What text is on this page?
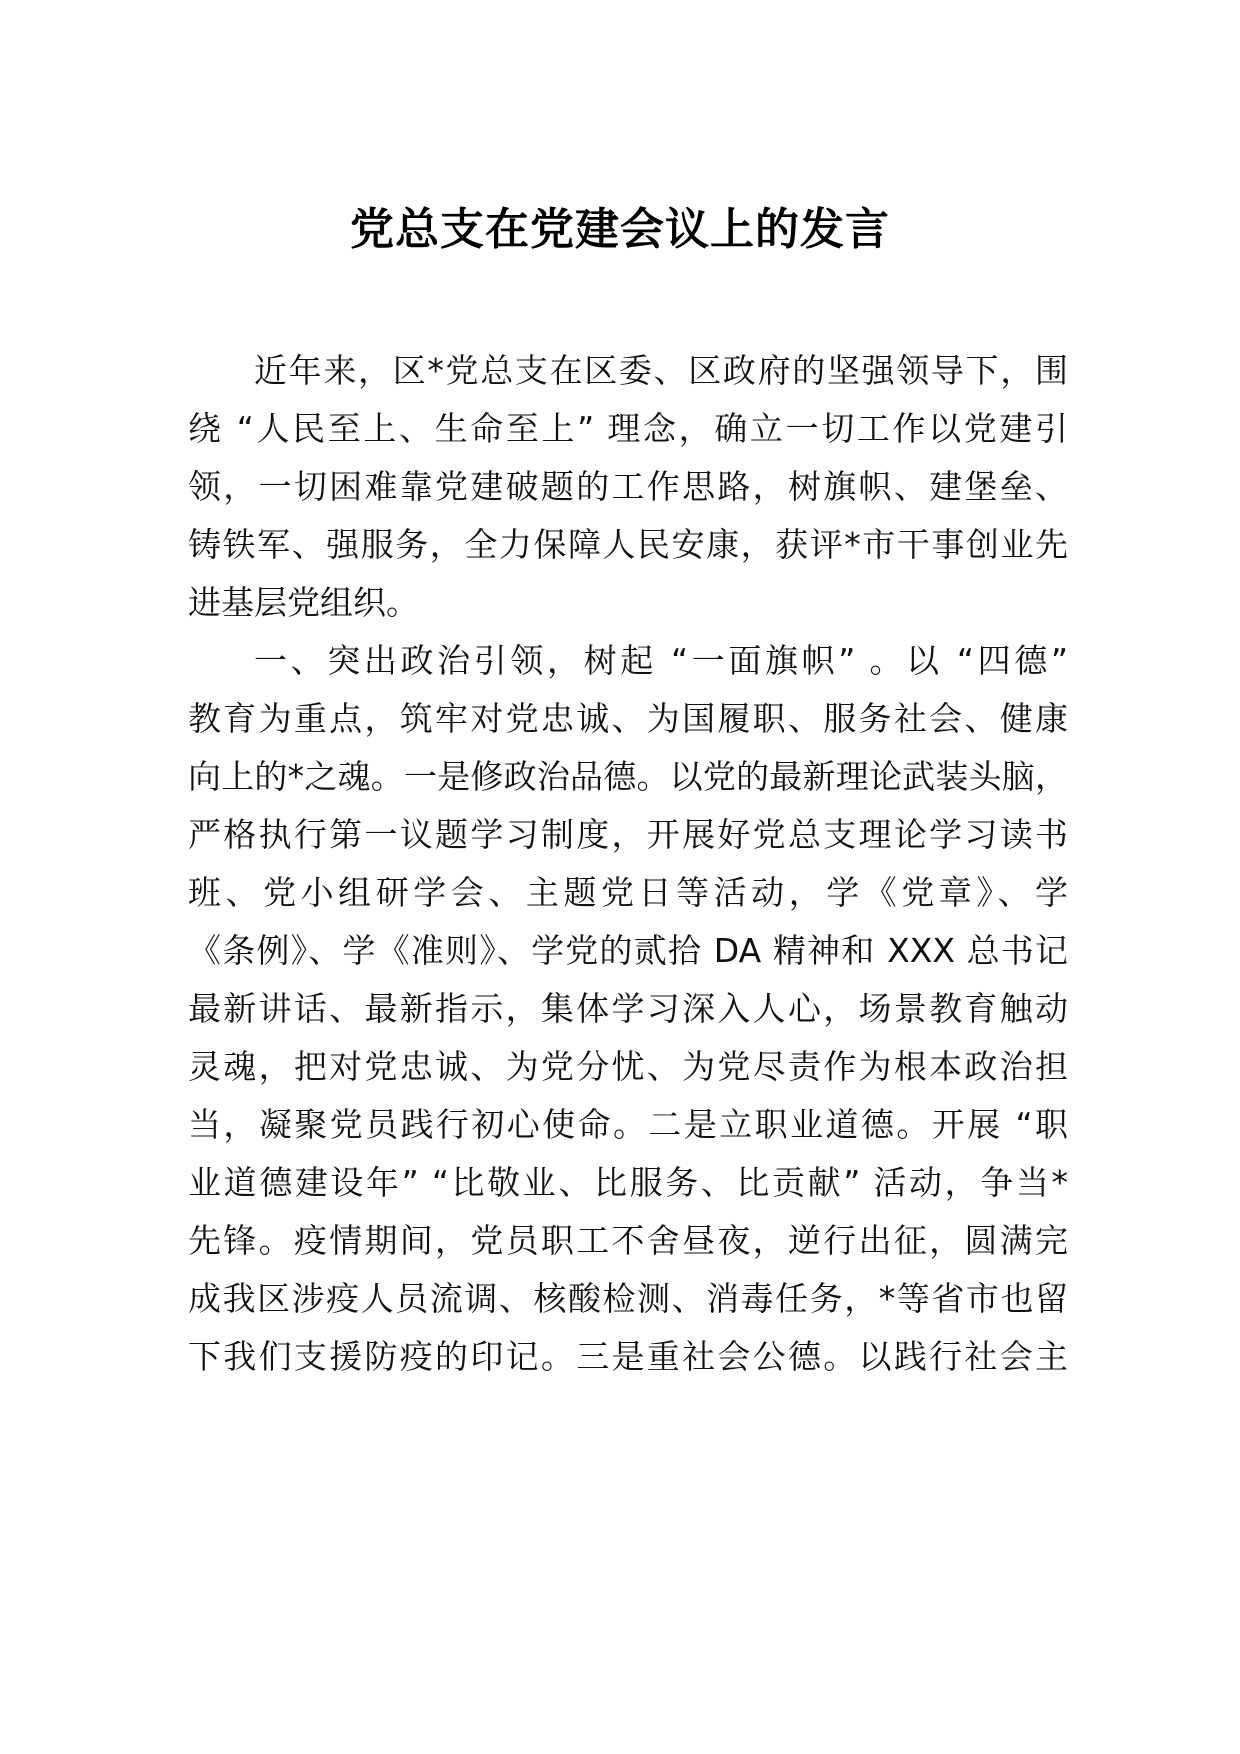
党总支在党建会议上的发言
近年来，区*党总支在区委、区政府的坚强领导下，围
绕 “人民至上、生命至上” 理念，确立一切工作以党建引
领，一切困难靠党建破题的工作思路，树旗帜、建堡垒、
铸铁军、强服务，全力保障人民安康，获评*市干事创业先
进基层党组织。
一、突出政治引领，树起 “一面旗帜” 。以 “四德”
教育为重点，筑牢对党忠诚、为国履职、服务社会、健康
向上的*之魂。一是修政治品德。以党的最新理论武装头脑，
严格执行第一议题学习制度，开展好党总支理论学习读书
班、党小组研学会、主题党日等活动，学《党章》、学
《条例》、学《准则》、学党的贰拾 DA 精神和 XXX 总书记
最新讲话、最新指示，集体学习深入人心，场景教育触动
灵魂，把对党忠诚、为党分忧、为党尽责作为根本政治担
当，凝聚党员践行初心使命。二是立职业道德。开展 “职
业道德建设年” “比敬业、比服务、比贡献” 活动，争当*
先锋。疫情期间，党员职工不舍昼夜，逆行出征，圆满完
成我区涉疫人员流调、核酸检测、消毒任务，*等省市也留
下我们支援防疫的印记。三是重社会公德。以践行社会主
